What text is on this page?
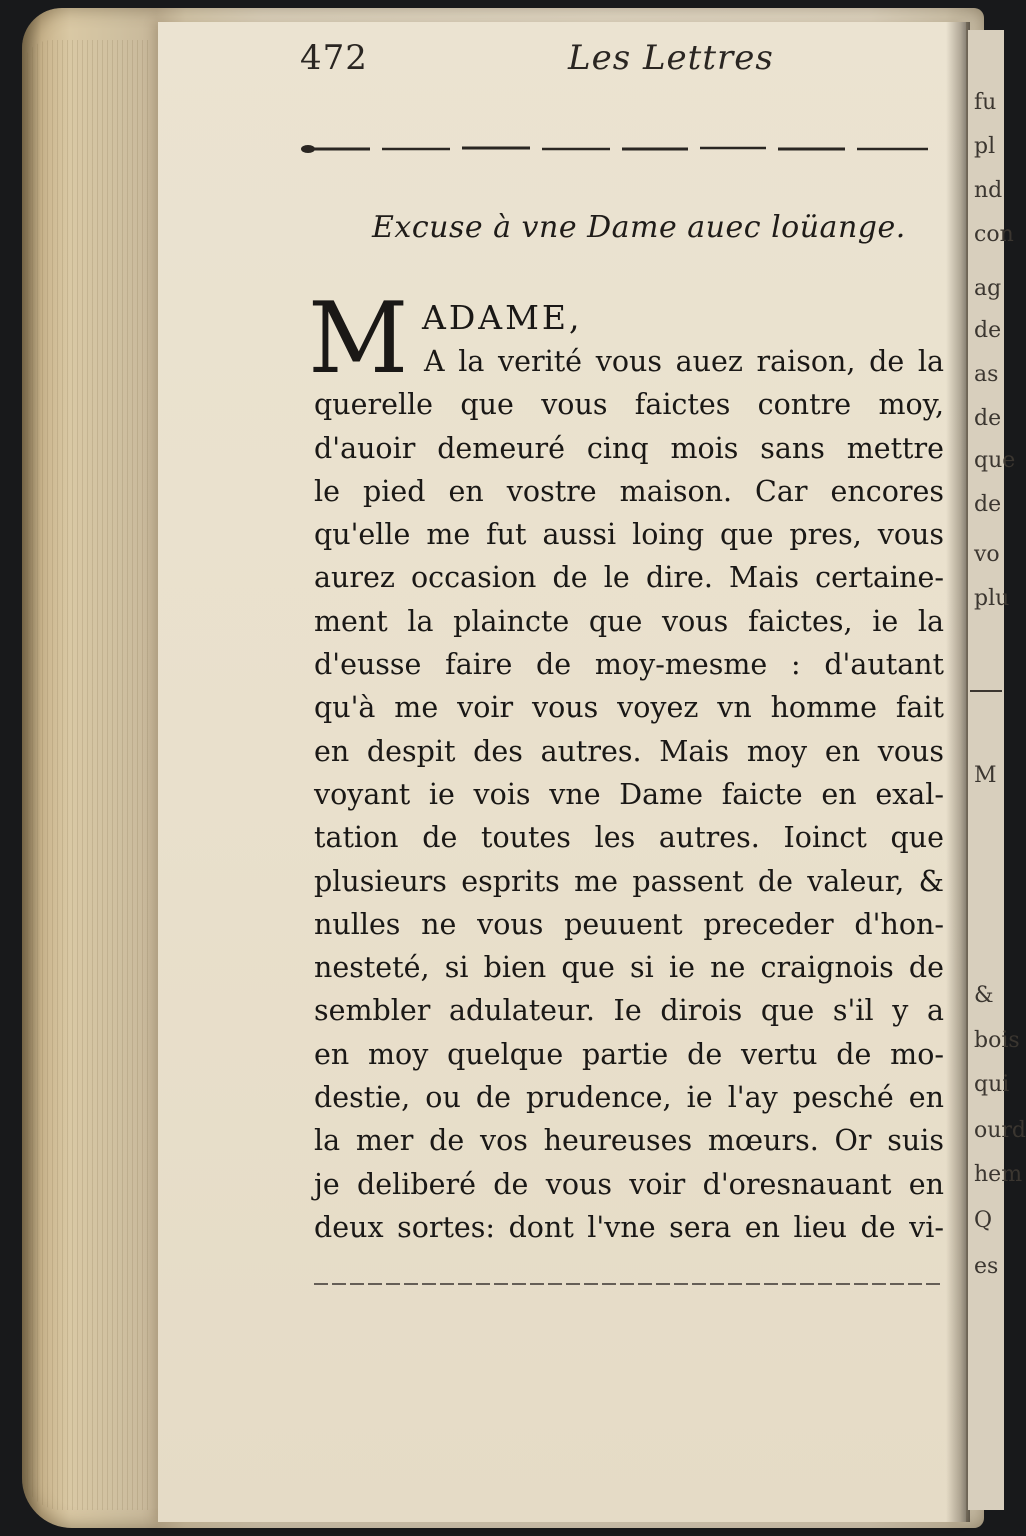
472	Les Lettres
Excuse à vne Dame auec loüange.
M ADAME,
A la verité vous auez raison, de la
querelle que vous faictes contre moy,
d'auoir demeuré cinq mois sans mettre
le pied en vostre maison. Car encores
qu'elle me fut aussi loing que pres, vous
aurez occasion de le dire. Mais certaine-
ment la plaincte que vous faictes, ie la
d'eusse faire de moy-mesme : d'autant
qu'à me voir vous voyez vn homme fait
en despit des autres. Mais moy en vous
voyant ie vois vne Dame faicte en exal-
tation de toutes les autres. Ioinct que
plusieurs esprits me passent de valeur, &
nulles ne vous peuuent preceder d'hon-
nesteté, si bien que si ie ne craignois de
sembler adulateur. Ie dirois que s'il y a
en moy quelque partie de vertu de mo-
destie, ou de prudence, ie l'ay pesché en
la mer de vos heureuses mœurs. Or suis
je deliberé de vous voir d'oresnauant en
deux sortes: dont l'vne sera en lieu de vi-
fu
pl
nd
con
ag
de
as
de
que
de
vo
plu
M
&
bois
qui
ourd
hem
Q
es
